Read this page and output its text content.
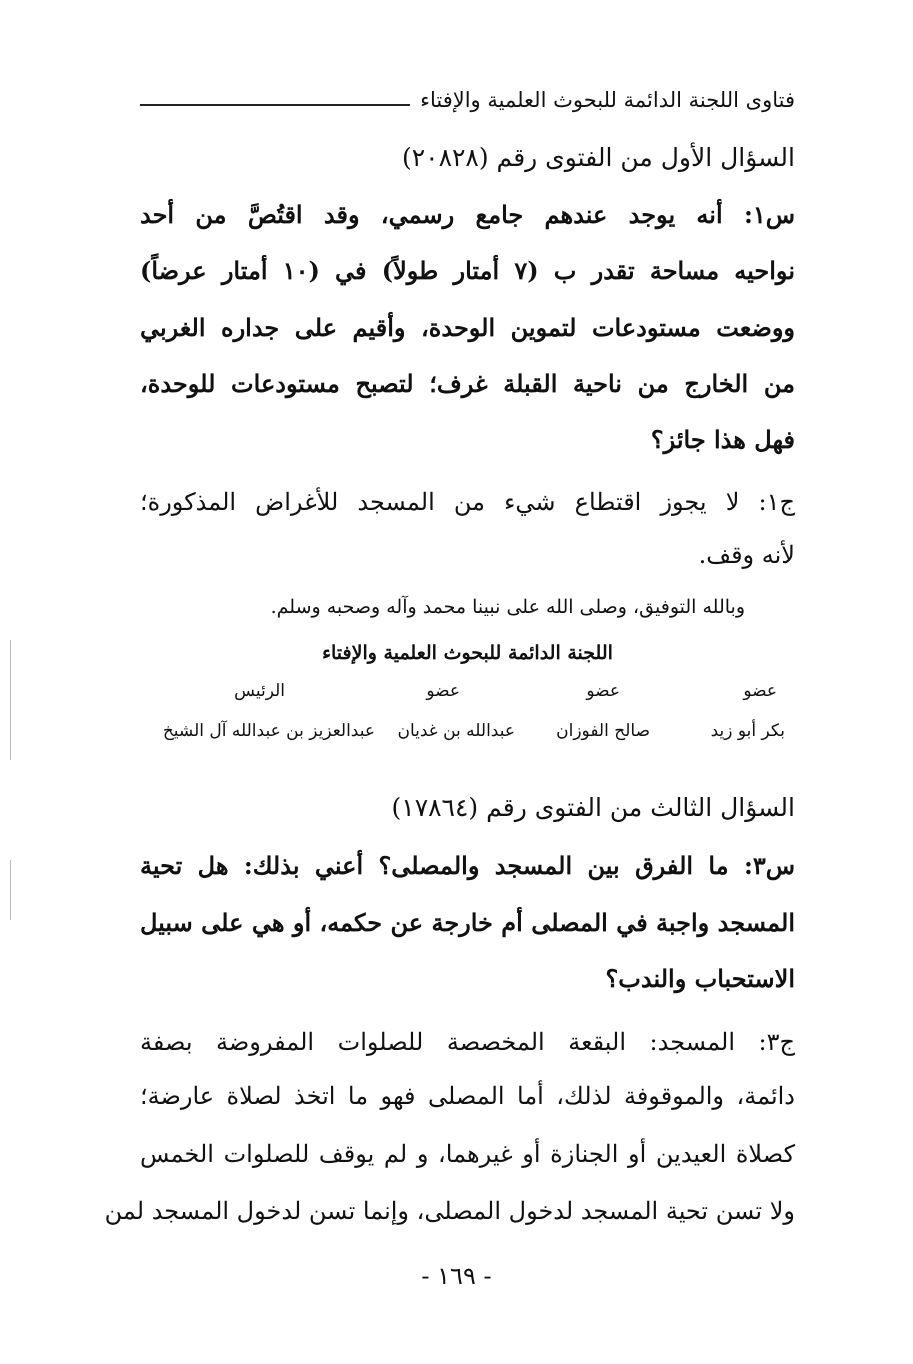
فتاوى اللجنة الدائمة للبحوث العلمية والإفتاء
السؤال الأول من الفتوى رقم (٢٠٨٢٨)
س١: أنه يوجد عندهم جامع رسمي، وقد اقتُصَّ من أحد
نواحيه مساحة تقدر ب (٧ أمتار طولاً) في (١٠ أمتار عرضاً)
ووضعت مستودعات لتموين الوحدة، وأقيم على جداره الغربي
من الخارج من ناحية القبلة غرف؛ لتصبح مستودعات للوحدة،
فهل هذا جائز؟
ج١: لا يجوز اقتطاع شيء من المسجد للأغراض المذكورة؛
لأنه وقف.
وبالله التوفيق، وصلى الله على نبينا محمد وآله وصحبه وسلم.
اللجنة الدائمة للبحوث العلمية والإفتاء
عضو
عضو
عضو
الرئيس
بكر أبو زيد
صالح الفوزان
عبدالله بن غديان
عبدالعزيز بن عبدالله آل الشيخ
السؤال الثالث من الفتوى رقم (١٧٨٦٤)
س٣: ما الفرق بين المسجد والمصلى؟ أعني بذلك: هل تحية
المسجد واجبة في المصلى أم خارجة عن حكمه، أو هي على سبيل
الاستحباب والندب؟
ج٣: المسجد: البقعة المخصصة للصلوات المفروضة بصفة
دائمة، والموقوفة لذلك، أما المصلى فهو ما اتخذ لصلاة عارضة؛
كصلاة العيدين أو الجنازة أو غيرهما، و لم يوقف للصلوات الخمس
ولا تسن تحية المسجد لدخول المصلى، وإنما تسن لدخول المسجد لمن
- ١٦٩ -
